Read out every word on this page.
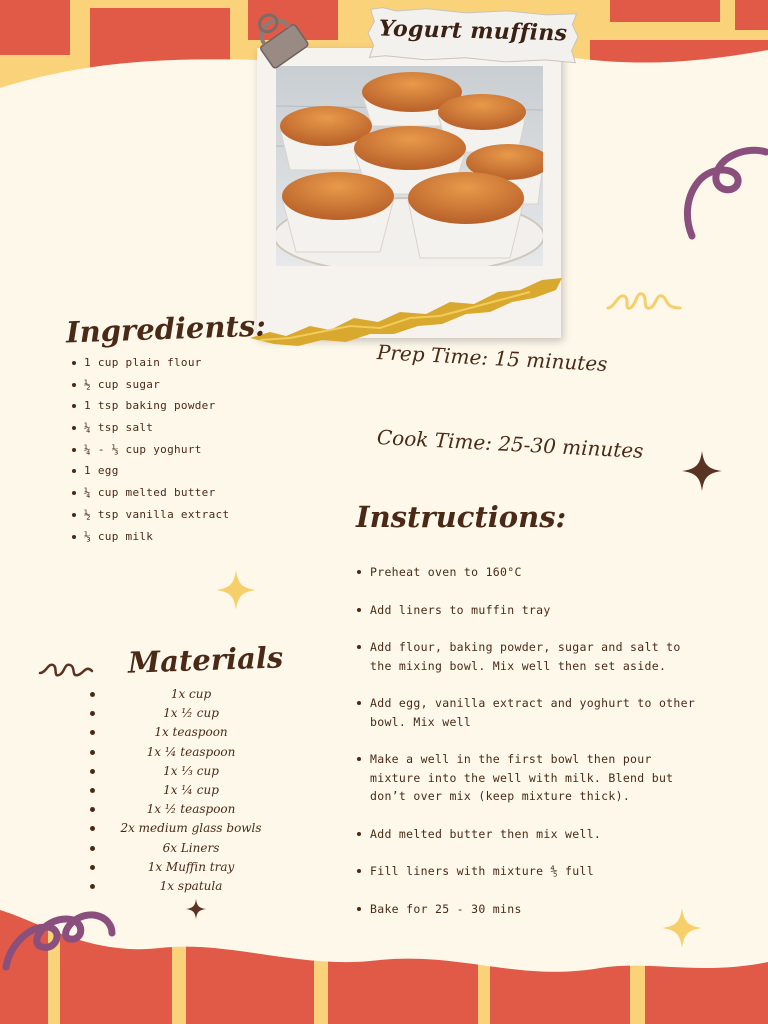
Yogurt muffins
Ingredients:
1 cup plain flour
½ cup sugar
1 tsp baking powder
¼ tsp salt
¼ - ⅓ cup yoghurt
1 egg
¼ cup melted butter
½ tsp vanilla extract
⅓ cup milk
Prep Time: 15 minutes
Cook Time: 25-30 minutes
Instructions:
Preheat oven to 160°C
Add liners to muffin tray
Add flour, baking powder, sugar and salt to the mixing bowl. Mix well then set aside.
Add egg, vanilla extract and yoghurt to other bowl. Mix well
Make a well in the first bowl then pour mixture into the well with milk. Blend but don’t over mix (keep mixture thick).
Add melted butter then mix well.
Fill liners with mixture ⅘ full
Bake for 25 - 30 mins
Materials
1x cup
1x ½ cup
1x teaspoon
1x ¼ teaspoon
1x ⅓ cup
1x ¼ cup
1x ½ teaspoon
2x medium glass bowls
6x Liners
1x Muffin tray
1x spatula
